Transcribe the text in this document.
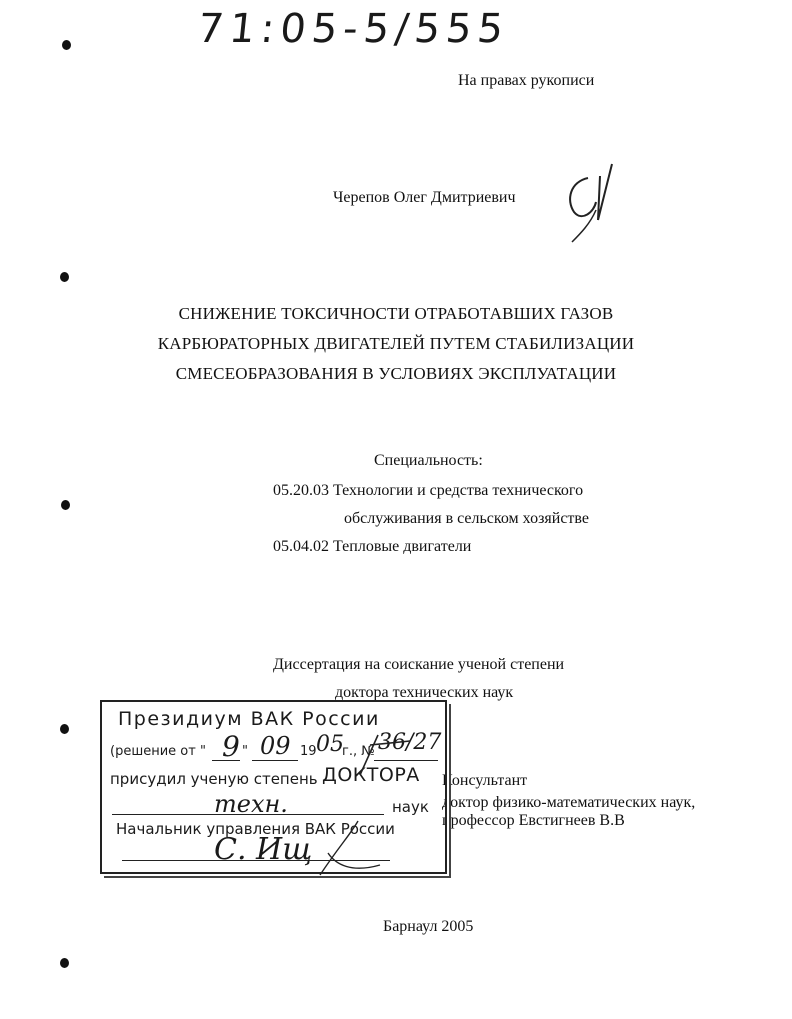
71:05-5/555
На правах рукописи
Черепов Олег Дмитриевич
СНИЖЕНИЕ ТОКСИЧНОСТИ ОТРАБОТАВШИХ ГАЗОВ
КАРБЮРАТОРНЫХ ДВИГАТЕЛЕЙ ПУТЕМ СТАБИЛИЗАЦИИ
СМЕСЕОБРАЗОВАНИЯ В УСЛОВИЯХ ЭКСПЛУАТАЦИИ
Специальность:
05.20.03 Технологии и средства технического
обслуживания в сельском хозяйстве
05.04.02 Тепловые двигатели
Диссертация на соискание ученой степени
доктора технических наук
Консультант
доктор физико-математических наук,
профессор Евстигнеев В.В
Президиум ВАК России
(решение от " 9 " 09 19 05
г., № 36/27
присудил ученую степень ДОКТОРА
техн.	наук
Начальник управления ВАК России
С. Ищ
Барнаул 2005
